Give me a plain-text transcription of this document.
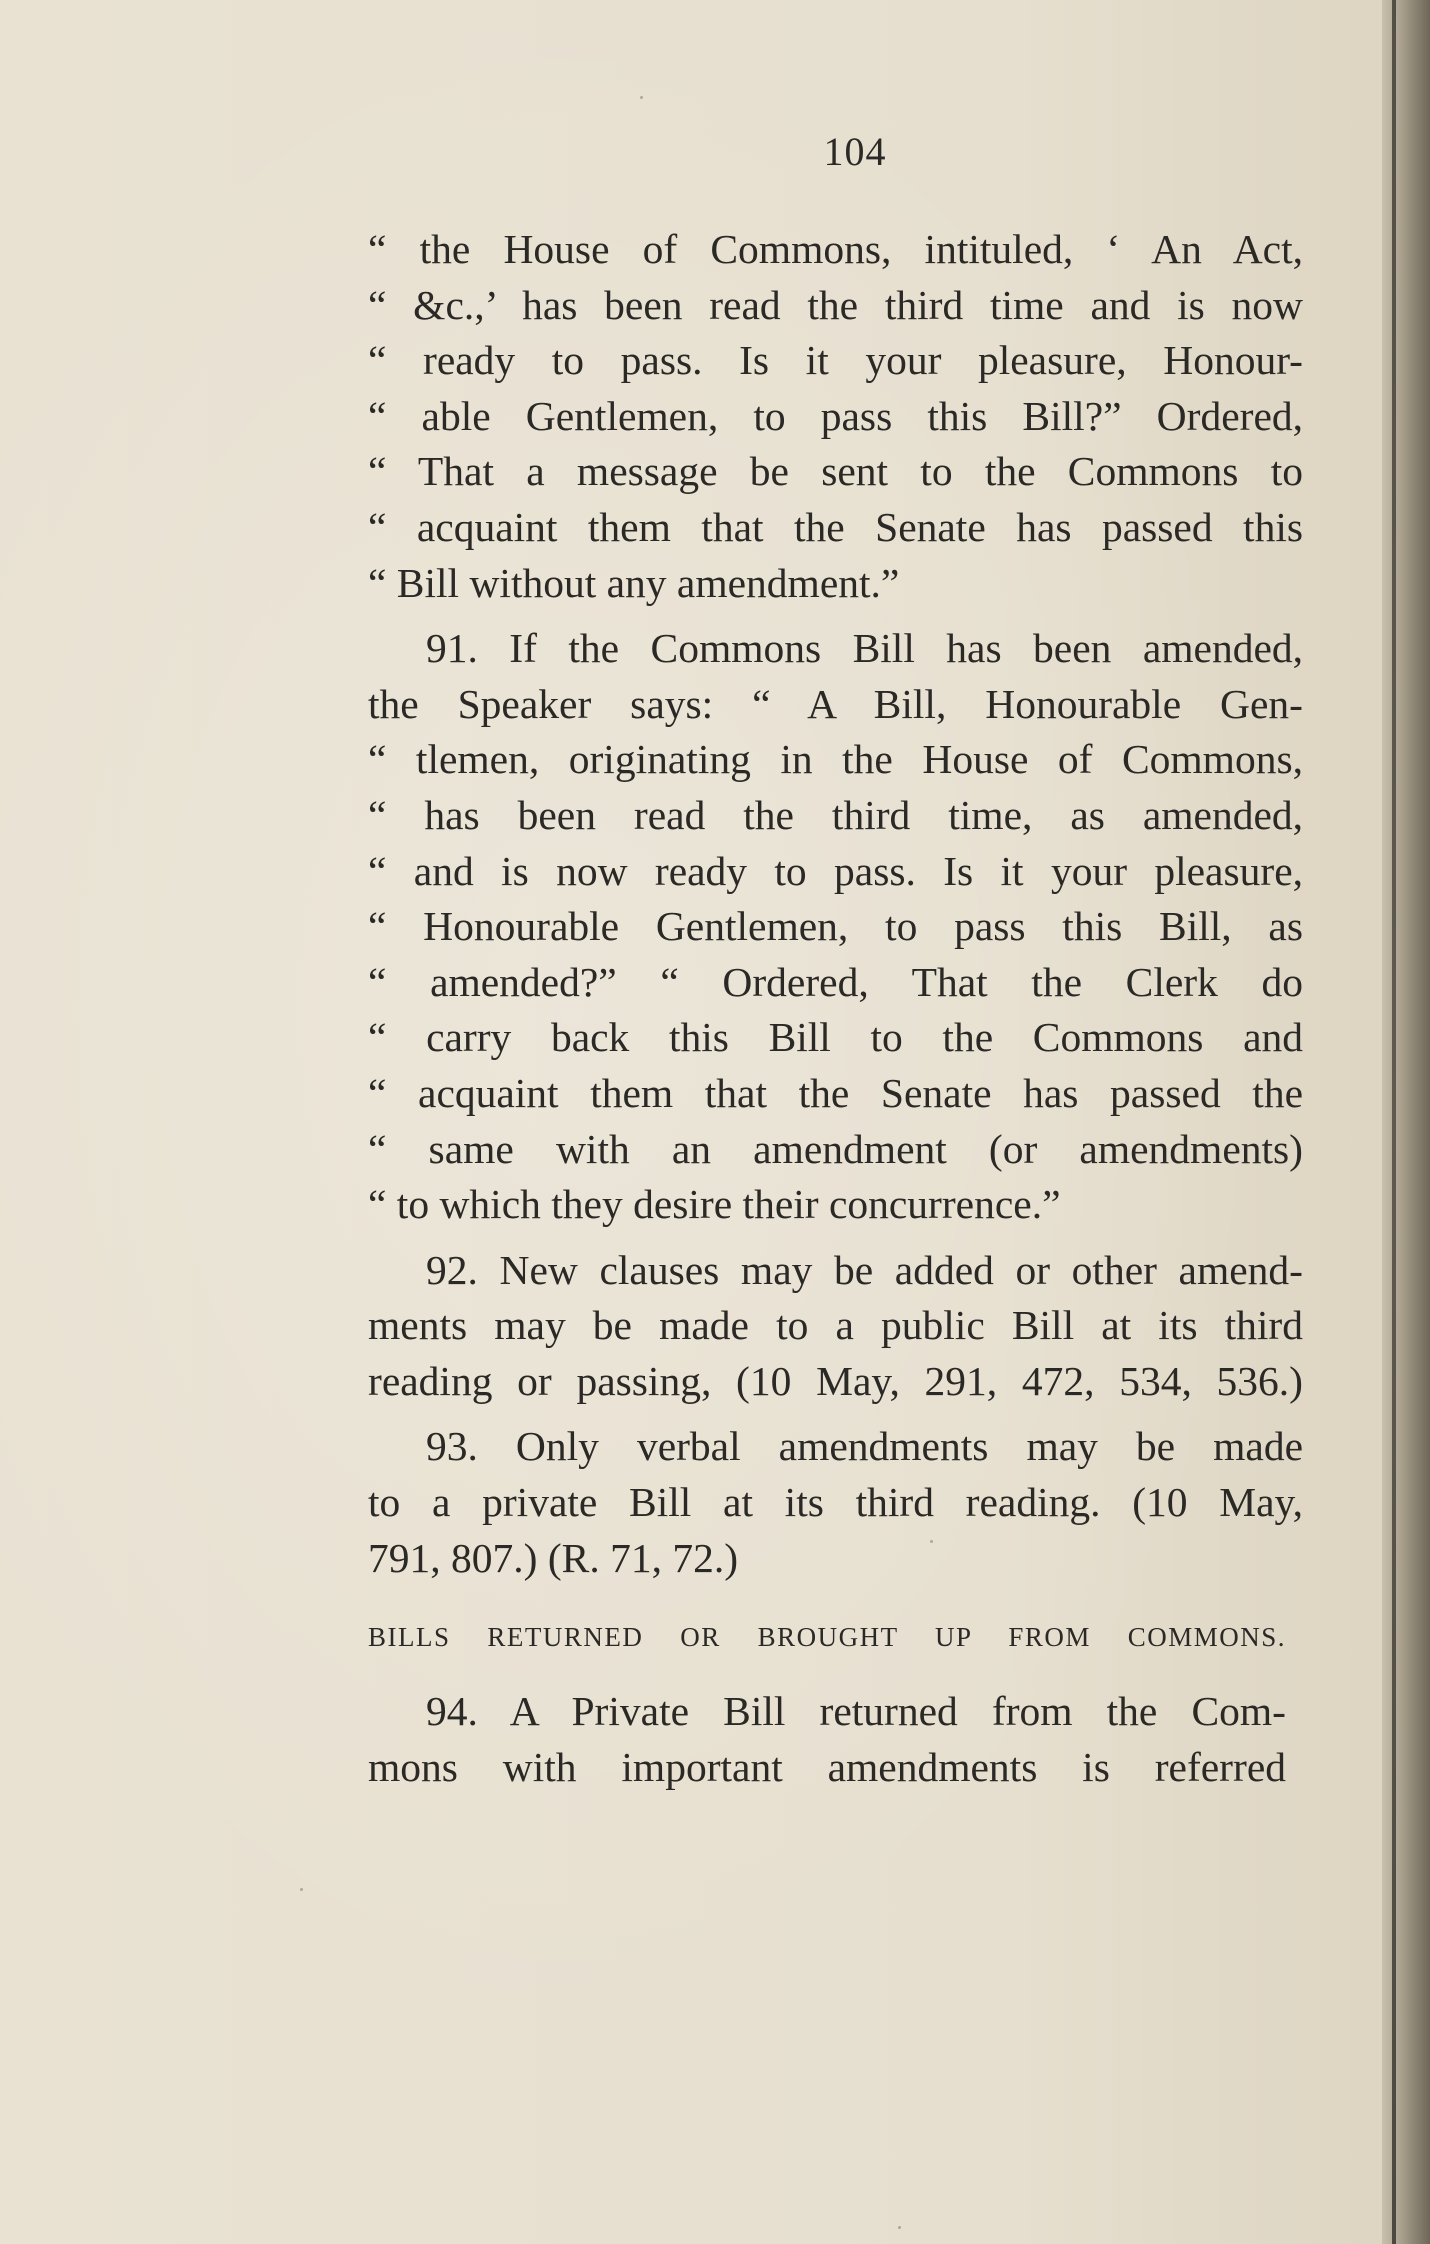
104
“ the House of Commons, intituled, ‘ An Act,
“ &c.,’ has been read the third time and is now
“ ready to pass. Is it your pleasure, Honour-
“ able Gentlemen, to pass this Bill?” Ordered,
“ That a message be sent to the Commons to
“ acquaint them that the Senate has passed this
“ Bill without any amendment.”
91. If the Commons Bill has been amended,
the Speaker says: “ A Bill, Honourable Gen-
“ tlemen, originating in the House of Commons,
“ has been read the third time, as amended,
“ and is now ready to pass. Is it your pleasure,
“ Honourable Gentlemen, to pass this Bill, as
“ amended?” “ Ordered, That the Clerk do
“ carry back this Bill to the Commons and
“ acquaint them that the Senate has passed the
“ same with an amendment (or amendments)
“ to which they desire their concurrence.”
92. New clauses may be added or other amend-
ments may be made to a public Bill at its third
reading or passing, (10 May, 291, 472, 534, 536.)
93. Only verbal amendments may be made
to a private Bill at its third reading. (10 May,
791, 807.) (R. 71, 72.)
BILLS RETURNED OR BROUGHT UP FROM COMMONS.
94. A Private Bill returned from the Com-
mons with important amendments is referred
